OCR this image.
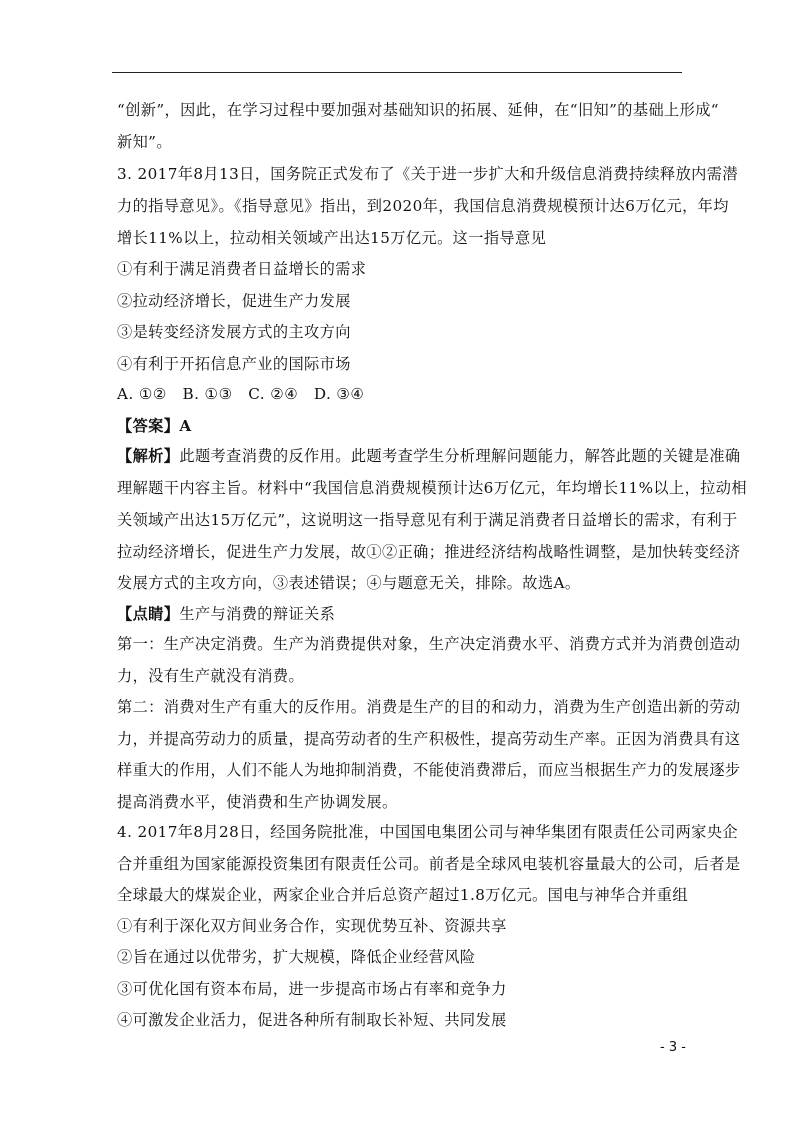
“创新”，因此，在学习过程中要加强对基础知识的拓展、延伸，在“旧知”的基础上形成“
新知”。
3. 2017年8月13日，国务院正式发布了《关于进一步扩大和升级信息消费持续释放内需潜
力的指导意见》。《指导意见》指出，到2020年，我国信息消费规模预计达6万亿元，年均
增长11%以上，拉动相关领域产出达15万亿元。这一指导意见
①有利于满足消费者日益增长的需求
②拉动经济增长，促进生产力发展
③是转变经济发展方式的主攻方向
④有利于开拓信息产业的国际市场
A. ①②   B. ①③   C. ②④   D. ③④
【答案】A
【解析】此题考查消费的反作用。此题考查学生分析理解问题能力，解答此题的关键是准确
理解题干内容主旨。材料中“我国信息消费规模预计达6万亿元，年均增长11%以上，拉动相
关领域产出达15万亿元”，这说明这一指导意见有利于满足消费者日益增长的需求，有利于
拉动经济增长，促进生产力发展，故①②正确；推进经济结构战略性调整，是加快转变经济
发展方式的主攻方向，③表述错误；④与题意无关，排除。故选A。
【点睛】生产与消费的辩证关系
第一：生产决定消费。生产为消费提供对象，生产决定消费水平、消费方式并为消费创造动
力，没有生产就没有消费。
第二：消费对生产有重大的反作用。消费是生产的目的和动力，消费为生产创造出新的劳动
力，并提高劳动力的质量，提高劳动者的生产积极性，提高劳动生产率。正因为消费具有这
样重大的作用，人们不能人为地抑制消费，不能使消费滞后，而应当根据生产力的发展逐步
提高消费水平，使消费和生产协调发展。
4. 2017年8月28日，经国务院批准，中国国电集团公司与神华集团有限责任公司两家央企
合并重组为国家能源投资集团有限责任公司。前者是全球风电装机容量最大的公司，后者是
全球最大的煤炭企业，两家企业合并后总资产超过1.8万亿元。国电与神华合并重组
①有利于深化双方间业务合作，实现优势互补、资源共享
②旨在通过以优带劣，扩大规模，降低企业经营风险
③可优化国有资本布局，进一步提高市场占有率和竞争力
④可激发企业活力，促进各种所有制取长补短、共同发展
- 3 -
